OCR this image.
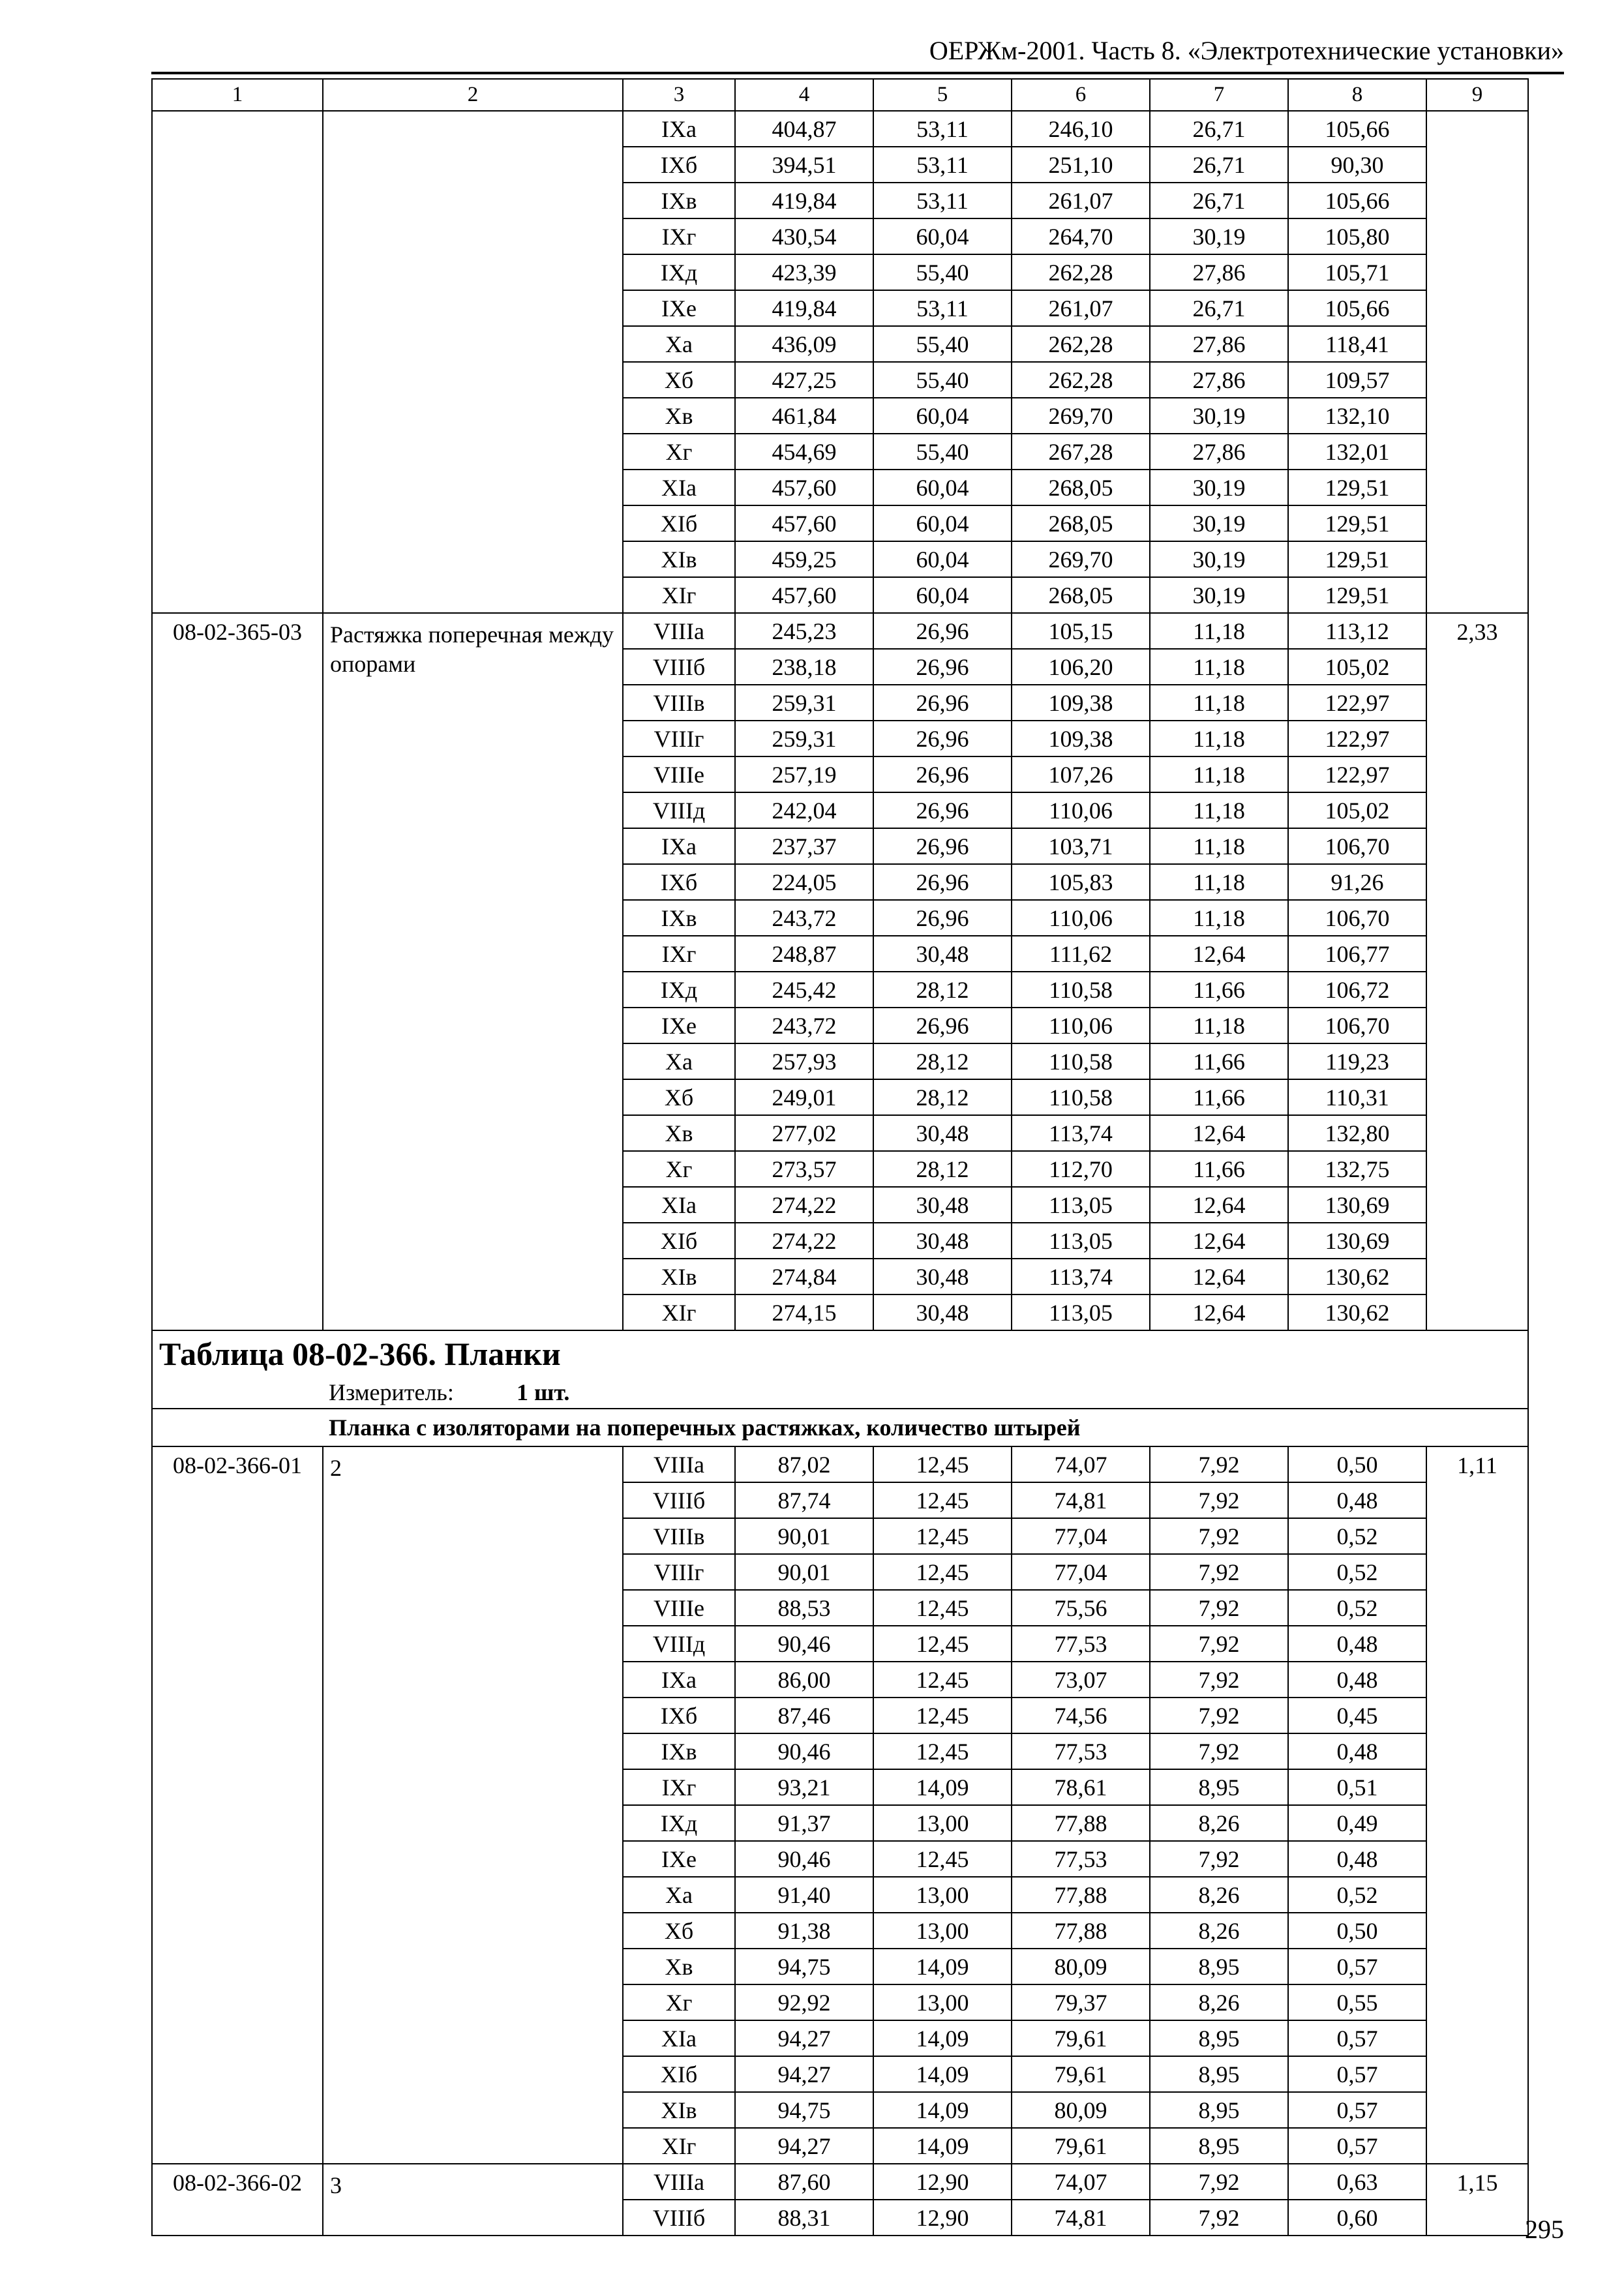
ОЕРЖм-2001. Часть 8. «Электротехнические установки»
1	2	3	4	5	6	7	8	9
		IXа	404,87	53,11	246,10	26,71	105,66	
		IXб	394,51	53,11	251,10	26,71	90,30	
		IXв	419,84	53,11	261,07	26,71	105,66	
		IXг	430,54	60,04	264,70	30,19	105,80	
		IXд	423,39	55,40	262,28	27,86	105,71	
		IXе	419,84	53,11	261,07	26,71	105,66	
		Xа	436,09	55,40	262,28	27,86	118,41	
		Xб	427,25	55,40	262,28	27,86	109,57	
		Xв	461,84	60,04	269,70	30,19	132,10	
		Xг	454,69	55,40	267,28	27,86	132,01	
		XIа	457,60	60,04	268,05	30,19	129,51	
		XIб	457,60	60,04	268,05	30,19	129,51	
		XIв	459,25	60,04	269,70	30,19	129,51	
		XIг	457,60	60,04	268,05	30,19	129,51	
08-02-365-03	Растяжка поперечная между опорами	VIIIа	245,23	26,96	105,15	11,18	113,12	2,33
		VIIIб	238,18	26,96	106,20	11,18	105,02	
		VIIIв	259,31	26,96	109,38	11,18	122,97	
		VIIIг	259,31	26,96	109,38	11,18	122,97	
		VIIIе	257,19	26,96	107,26	11,18	122,97	
		VIIIд	242,04	26,96	110,06	11,18	105,02	
		IXа	237,37	26,96	103,71	11,18	106,70	
		IXб	224,05	26,96	105,83	11,18	91,26	
		IXв	243,72	26,96	110,06	11,18	106,70	
		IXг	248,87	30,48	111,62	12,64	106,77	
		IXд	245,42	28,12	110,58	11,66	106,72	
		IXе	243,72	26,96	110,06	11,18	106,70	
		Xа	257,93	28,12	110,58	11,66	119,23	
		Xб	249,01	28,12	110,58	11,66	110,31	
		Xв	277,02	30,48	113,74	12,64	132,80	
		Xг	273,57	28,12	112,70	11,66	132,75	
		XIа	274,22	30,48	113,05	12,64	130,69	
		XIб	274,22	30,48	113,05	12,64	130,69	
		XIв	274,84	30,48	113,74	12,64	130,62	
		XIг	274,15	30,48	113,05	12,64	130,62	

Таблица 08-02-366. Планки
Измеритель: 1 шт.								

Планка с изоляторами на поперечных растяжках, количество штырей								
08-02-366-01	2	VIIIа	87,02	12,45	74,07	7,92	0,50	1,11
		VIIIб	87,74	12,45	74,81	7,92	0,48	
		VIIIв	90,01	12,45	77,04	7,92	0,52	
		VIIIг	90,01	12,45	77,04	7,92	0,52	
		VIIIе	88,53	12,45	75,56	7,92	0,52	
		VIIIд	90,46	12,45	77,53	7,92	0,48	
		IXа	86,00	12,45	73,07	7,92	0,48	
		IXб	87,46	12,45	74,56	7,92	0,45	
		IXв	90,46	12,45	77,53	7,92	0,48	
		IXг	93,21	14,09	78,61	8,95	0,51	
		IXд	91,37	13,00	77,88	8,26	0,49	
		IXе	90,46	12,45	77,53	7,92	0,48	
		Xа	91,40	13,00	77,88	8,26	0,52	
		Xб	91,38	13,00	77,88	8,26	0,50	
		Xв	94,75	14,09	80,09	8,95	0,57	
		Xг	92,92	13,00	79,37	8,26	0,55	
		XIа	94,27	14,09	79,61	8,95	0,57	
		XIб	94,27	14,09	79,61	8,95	0,57	
		XIв	94,75	14,09	80,09	8,95	0,57	
		XIг	94,27	14,09	79,61	8,95	0,57	
08-02-366-02	3	VIIIа	87,60	12,90	74,07	7,92	0,63	1,15
		VIIIб	88,31	12,90	74,81	7,92	0,60		295
